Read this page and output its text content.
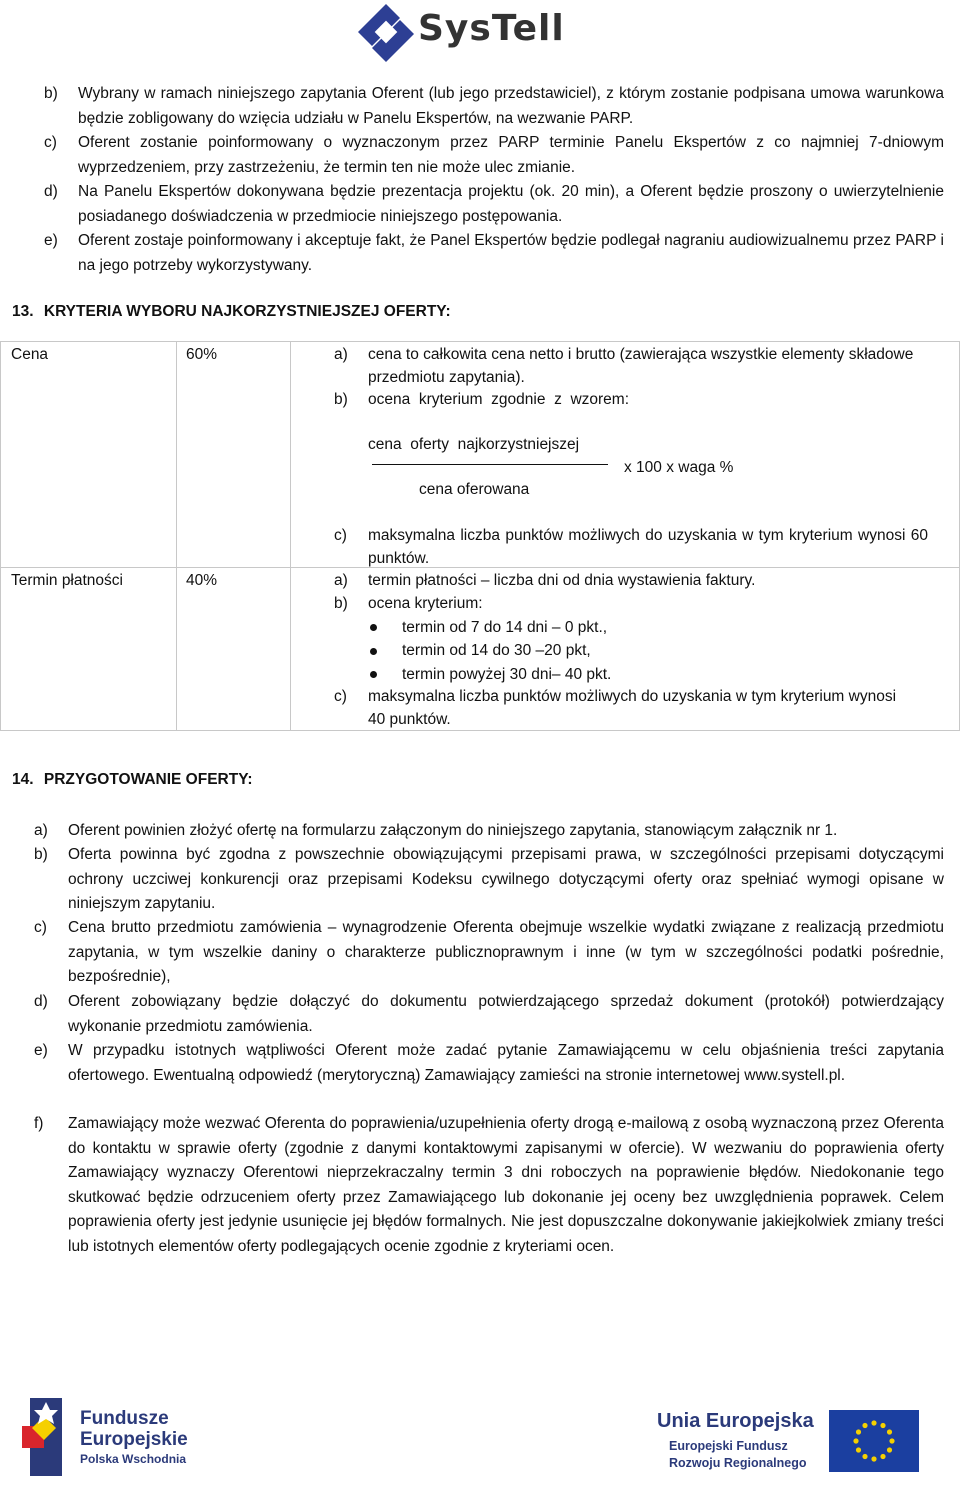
SysTell
b) Wybrany w ramach niniejszego zapytania Oferent (lub jego przedstawiciel), z którym zostanie podpisana umowa warunkowa będzie zobligowany do wzięcia udziału w Panelu Ekspertów, na wezwanie PARP.
c) Oferent zostanie poinformowany o wyznaczonym przez PARP terminie Panelu Ekspertów z co najmniej 7-dniowym wyprzedzeniem, przy zastrzeżeniu, że termin ten nie może ulec zmianie.
d) Na Panelu Ekspertów dokonywana będzie prezentacja projektu (ok. 20 min), a Oferent będzie proszony o uwierzytelnienie posiadanego doświadczenia w przedmiocie niniejszego postępowania.
e) Oferent zostaje poinformowany i akceptuje fakt, że Panel Ekspertów będzie podlegał nagraniu audiowizualnemu przez PARP i na jego potrzeby wykorzystywany.
13. KRYTERIA WYBORU NAJKORZYSTNIEJSZEJ OFERTY:
Cena	60%	a) cena to całkowita cena netto i brutto (zawierająca wszystkie elementy składowe przedmiotu zapytania).
b) ocena  kryterium  zgodnie  z  wzorem:
cena  oferty  najkorzystniejszej
x 100 x waga %
cena oferowana
c) maksymalna liczba punktów możliwych do uzyskania w tym kryterium wynosi 60 punktów.
Termin płatności	40%	a) termin płatności – liczba dni od dnia wystawienia faktury.
b) ocena kryterium:
termin od 7 do 14 dni – 0 pkt.,
termin od 14 do 30 –20 pkt,
termin powyżej 30 dni– 40 pkt.
c) maksymalna liczba punktów możliwych do uzyskania w tym kryterium wynosi 40 punktów.
14. PRZYGOTOWANIE OFERTY:
a) Oferent powinien złożyć ofertę na formularzu załączonym do niniejszego zapytania, stanowiącym załącznik nr 1.
b) Oferta powinna być zgodna z powszechnie obowiązującymi przepisami prawa, w szczególności przepisami dotyczącymi ochrony uczciwej konkurencji oraz przepisami Kodeksu cywilnego dotyczącymi oferty oraz spełniać wymogi opisane w niniejszym zapytaniu.
c) Cena brutto przedmiotu zamówienia – wynagrodzenie Oferenta obejmuje wszelkie wydatki związane z realizacją przedmiotu zapytania, w tym wszelkie daniny o charakterze publicznoprawnym i inne (w tym w szczególności podatki pośrednie, bezpośrednie),
d) Oferent zobowiązany będzie dołączyć do dokumentu potwierdzającego sprzedaż dokument (protokół) potwierdzający wykonanie przedmiotu zamówienia.
e) W przypadku istotnych wątpliwości Oferent może zadać pytanie Zamawiającemu w celu objaśnienia treści zapytania ofertowego. Ewentualną odpowiedź (merytoryczną) Zamawiający zamieści na stronie internetowej www.systell.pl.
f) Zamawiający może wezwać Oferenta do poprawienia/uzupełnienia oferty drogą e-mailową z osobą wyznaczoną przez Oferenta do kontaktu w sprawie oferty (zgodnie z danymi kontaktowymi zapisanymi w ofercie). W wezwaniu do poprawienia oferty Zamawiający wyznaczy Oferentowi nieprzekraczalny termin 3 dni roboczych na poprawienie błędów. Niedokonanie tego skutkować będzie odrzuceniem oferty przez Zamawiającego lub dokonanie jej oceny bez uwzględnienia poprawek. Celem poprawienia oferty jest jedynie usunięcie jej błędów formalnych. Nie jest dopuszczalne dokonywanie jakiejkolwiek zmiany treści lub istotnych elementów oferty podlegających ocenie zgodnie z kryteriami ocen.
Fundusze
Europejskie
Polska Wschodnia
Unia Europejska
Europejski Fundusz
Rozwoju Regionalnego
